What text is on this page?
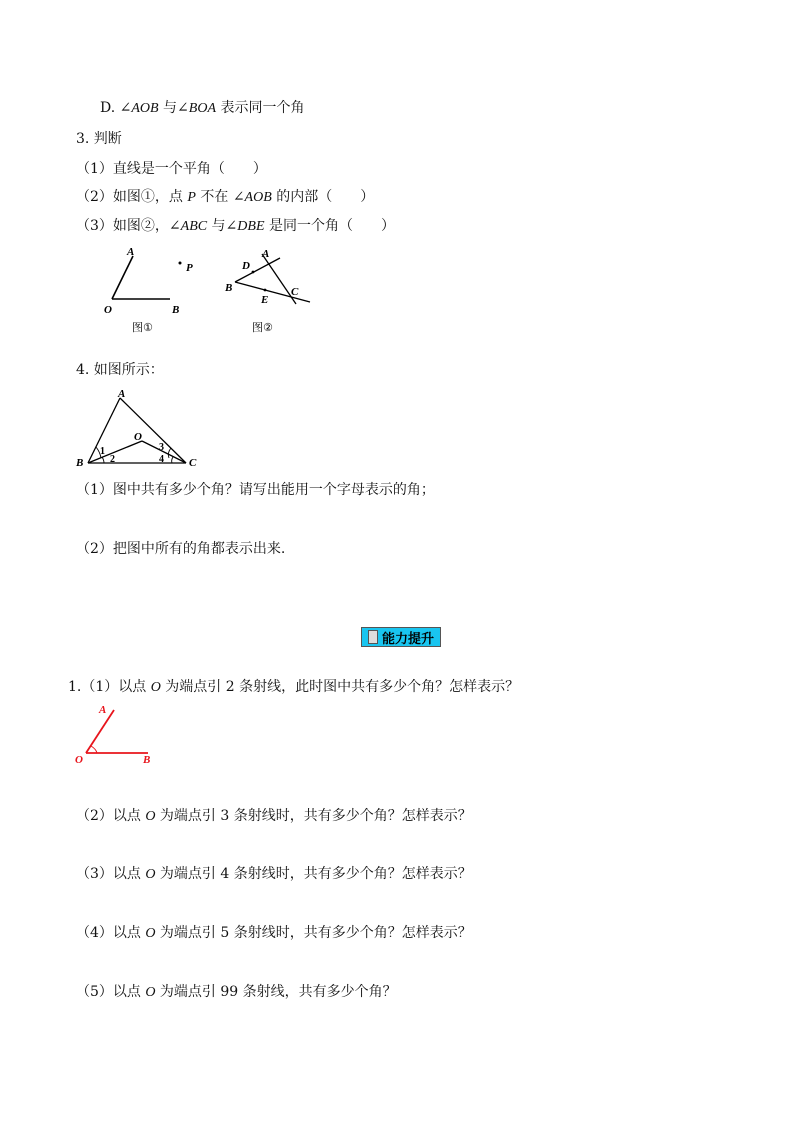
D. ∠AOB 与∠BOA 表示同一个角
3. 判断
（1）直线是一个平角（　　）
（2）如图①，点 P 不在 ∠AOB 的内部（　　）
（3）如图②，∠ABC 与∠DBE 是同一个角（　　）
A
O	B
P
图①
D
A
B
E
C
图②
4. 如图所示：
A
O
B	C
1
2
3
4
（1）图中共有多少个角？请写出能用一个字母表示的角；
（2）把图中所有的角都表示出来.
能力提升
1.（1）以点 O 为端点引 2 条射线，此时图中共有多少个角？怎样表示？
A
O	B
（2）以点 O 为端点引 3 条射线时，共有多少个角？怎样表示？
（3）以点 O 为端点引 4 条射线时，共有多少个角？怎样表示？
（4）以点 O 为端点引 5 条射线时，共有多少个角？怎样表示？
（5）以点 O 为端点引 99 条射线，共有多少个角？
